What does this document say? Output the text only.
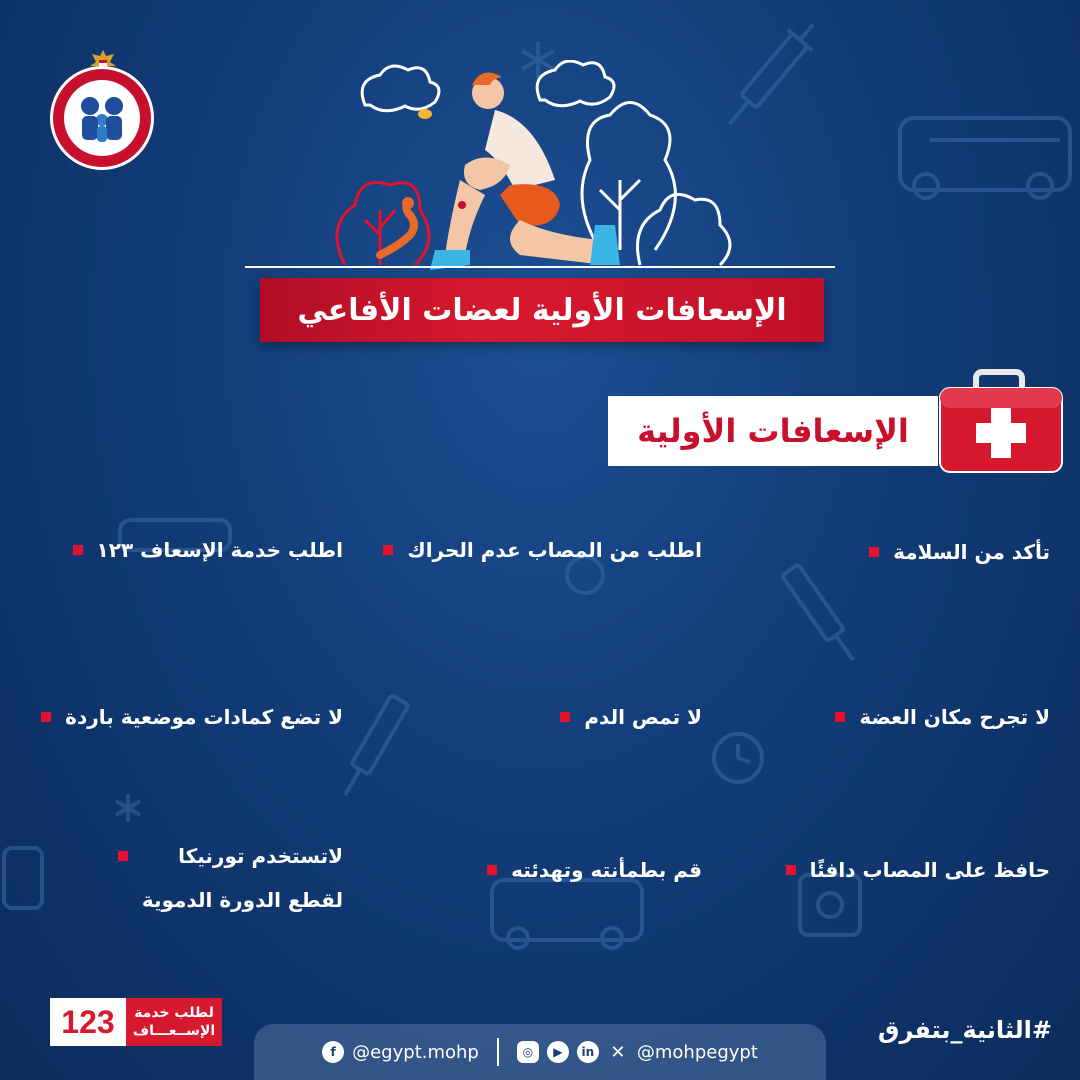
الإسعافات الأولية لعضات الأفاعي
الإسعافات الأولية
تأكد من السلامة
اطلب من المصاب عدم الحراك
اطلب خدمة الإسعاف ١٢٣
لا تجرح مكان العضة
لا تمص الدم
لا تضع كمادات موضعية باردة
حافظ على المصاب دافئًا
قم بطمأنته وتهدئته
لاتستخدم تورنيكا
لقطع الدورة الدموية
123	لطلب خدمة
الإســعـــاف
f @egypt.mohp	◎	▶	in ✕ @mohpegypt
#الثانية_بتفرق
